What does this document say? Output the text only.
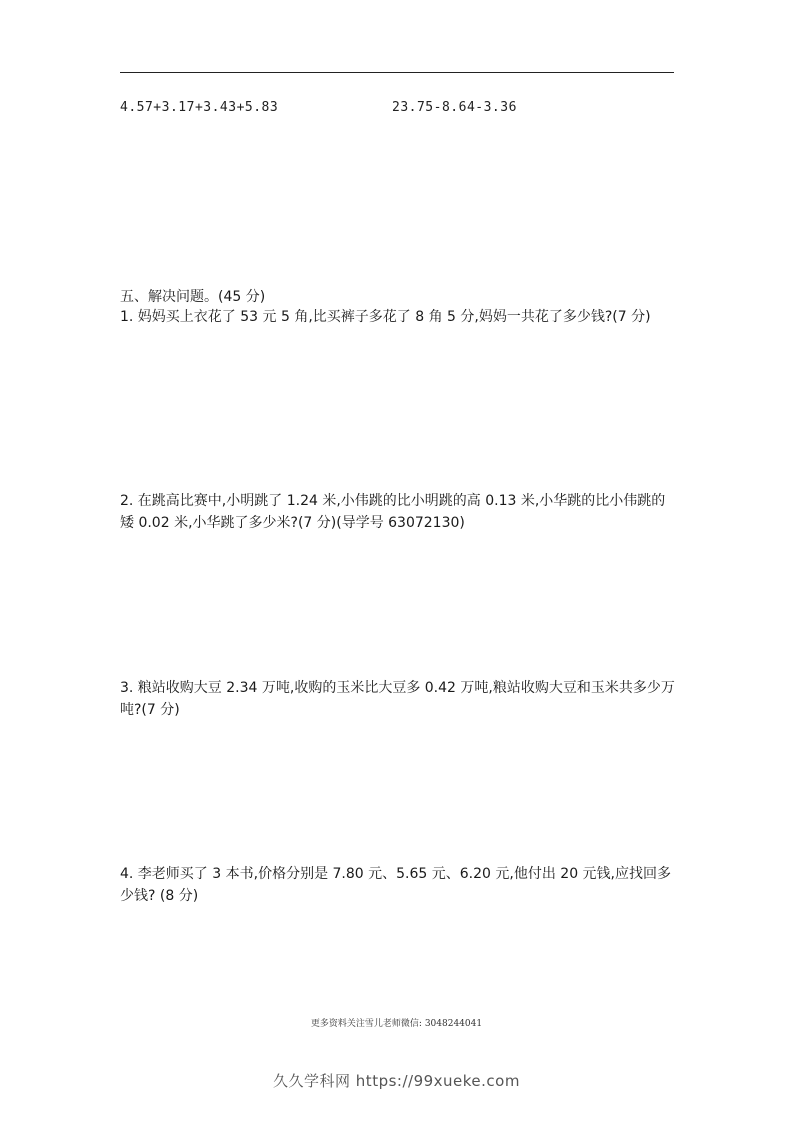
4.57+3.17+3.43+5.83	23.75-8.64-3.36
五、解决问题。(45 分)
1. 妈妈买上衣花了 53 元 5 角,比买裤子多花了 8 角 5 分,妈妈一共花了多少钱?(7 分)
2. 在跳高比赛中,小明跳了 1.24 米,小伟跳的比小明跳的高 0.13 米,小华跳的比小伟跳的矮 0.02 米,小华跳了多少米?(7 分)(导学号 63072130)
3. 粮站收购大豆 2.34 万吨,收购的玉米比大豆多 0.42 万吨,粮站收购大豆和玉米共多少万吨?(7 分)
4. 李老师买了 3 本书,价格分别是 7.80 元、5.65 元、6.20 元,他付出 20 元钱,应找回多少钱? (8 分)
更多资料关注雪儿老师微信: 3048244041
久久学科网 https://99xueke.com
